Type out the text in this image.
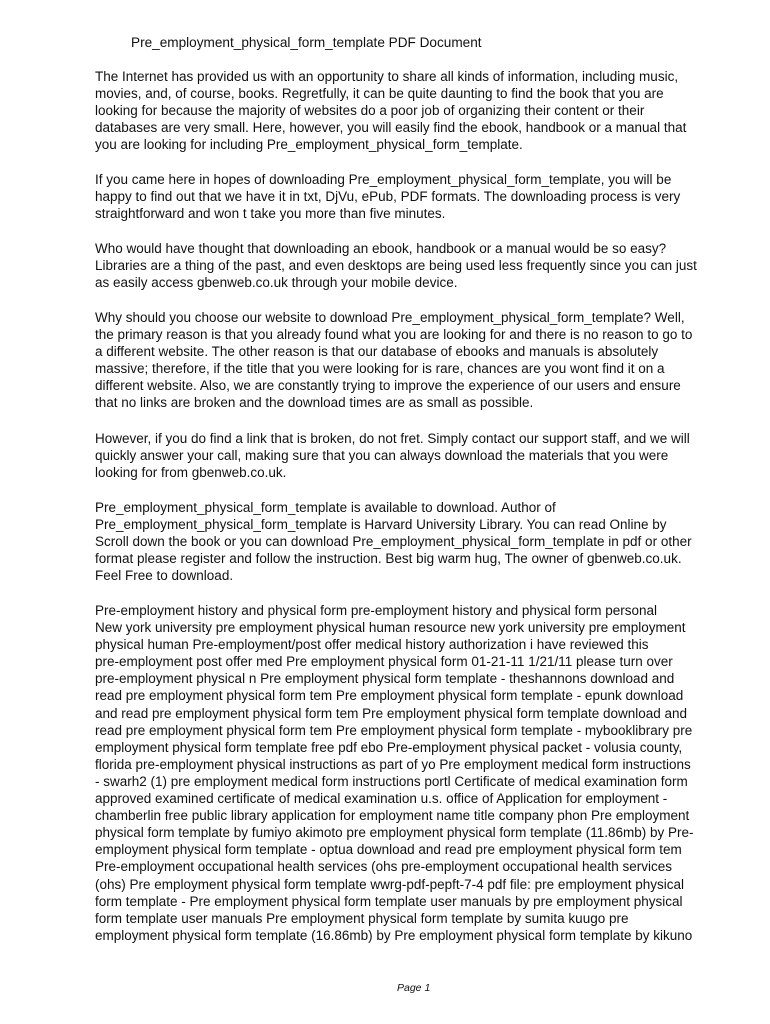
Pre_employment_physical_form_template PDF Document
The Internet has provided us with an opportunity to share all kinds of information, including music,
movies, and, of course, books. Regretfully, it can be quite daunting to find the book that you are
looking for because the majority of websites do a poor job of organizing their content or their
databases are very small. Here, however, you will easily find the ebook, handbook or a manual that
you are looking for including Pre_employment_physical_form_template.
If you came here in hopes of downloading Pre_employment_physical_form_template, you will be
happy to find out that we have it in txt, DjVu, ePub, PDF formats. The downloading process is very
straightforward and won t take you more than five minutes.
Who would have thought that downloading an ebook, handbook or a manual would be so easy?
Libraries are a thing of the past, and even desktops are being used less frequently since you can just
as easily access gbenweb.co.uk through your mobile device.
Why should you choose our website to download Pre_employment_physical_form_template? Well,
the primary reason is that you already found what you are looking for and there is no reason to go to
a different website. The other reason is that our database of ebooks and manuals is absolutely
massive; therefore, if the title that you were looking for is rare, chances are you wont find it on a
different website. Also, we are constantly trying to improve the experience of our users and ensure
that no links are broken and the download times are as small as possible.
However, if you do find a link that is broken, do not fret. Simply contact our support staff, and we will
quickly answer your call, making sure that you can always download the materials that you were
looking for from gbenweb.co.uk.
Pre_employment_physical_form_template is available to download. Author of
Pre_employment_physical_form_template is Harvard University Library. You can read Online by
Scroll down the book or you can download Pre_employment_physical_form_template in pdf or other
format please register and follow the instruction. Best big warm hug, The owner of gbenweb.co.uk.
Feel Free to download.
Pre-employment history and physical form pre-employment history and physical form personal
New york university pre employment physical human resource new york university pre employment
physical human Pre-employment/post offer medical history authorization i have reviewed this
pre-employment post offer med Pre employment physical form 01-21-11 1/21/11 please turn over
pre-employment physical n Pre employment physical form template - theshannons download and
read pre employment physical form tem Pre employment physical form template - epunk download
and read pre employment physical form tem Pre employment physical form template download and
read pre employment physical form tem Pre employment physical form template - mybooklibrary pre
employment physical form template free pdf ebo Pre-employment physical packet - volusia county,
florida pre-employment physical instructions as part of yo Pre employment medical form instructions
- swarh2 (1) pre employment medical form instructions portl Certificate of medical examination form
approved examined certificate of medical examination u.s. office of Application for employment -
chamberlin free public library application for employment name title company phon Pre employment
physical form template by fumiyo akimoto pre employment physical form template (11.86mb) by Pre-
employment physical form template - optua download and read pre employment physical form tem
Pre-employment occupational health services (ohs pre-employment occupational health services
(ohs) Pre employment physical form template wwrg-pdf-pepft-7-4 pdf file: pre employment physical
form template - Pre employment physical form template user manuals by pre employment physical
form template user manuals Pre employment physical form template by sumita kuugo pre
employment physical form template (16.86mb) by Pre employment physical form template by kikuno
Page 1
